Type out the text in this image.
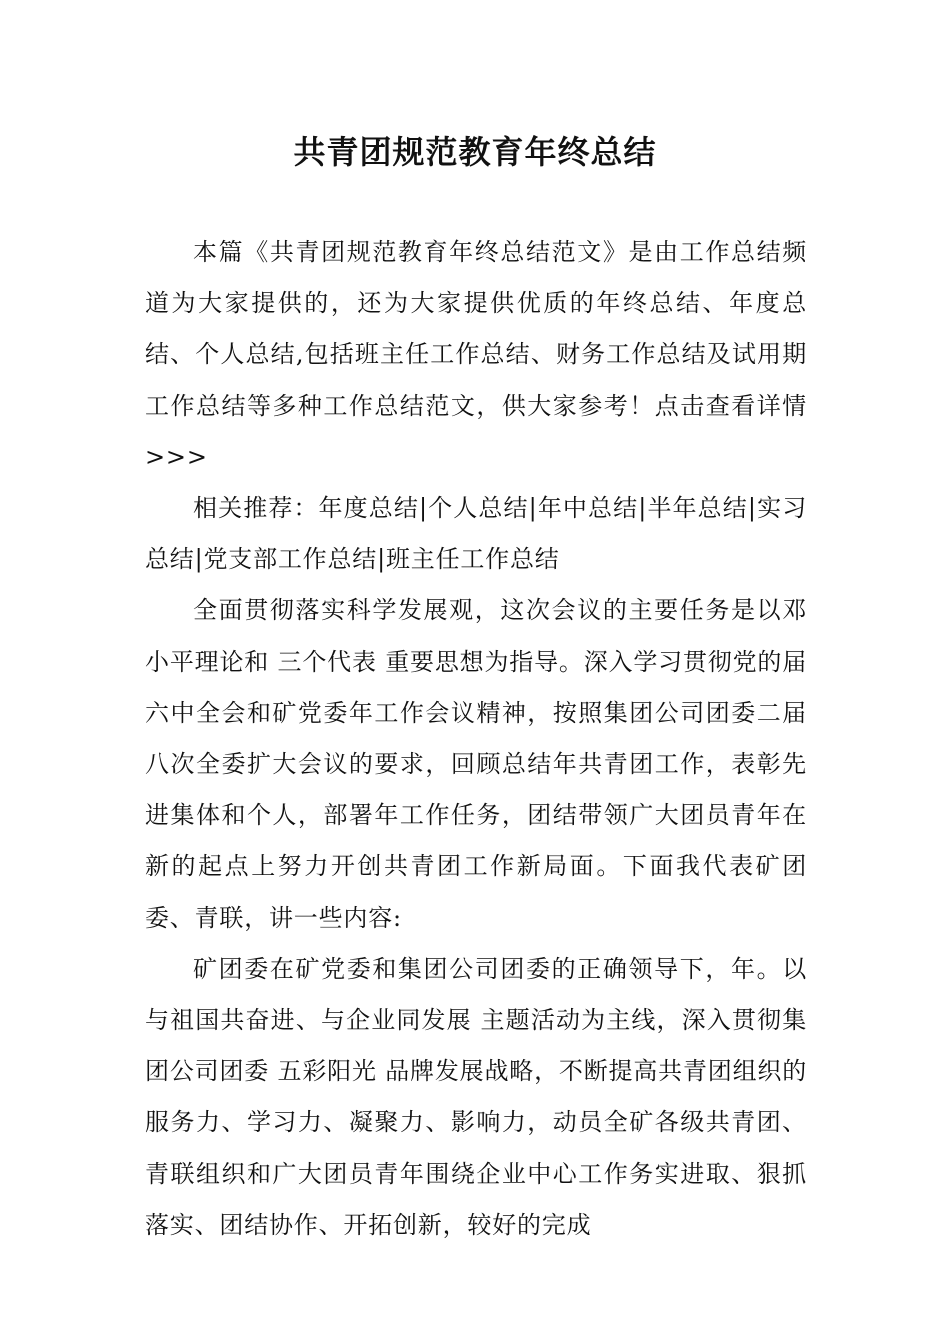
共青团规范教育年终总结

本篇《共青团规范教育年终总结范文》是由工作总结频道为大家提供的，还为大家提供优质的年终总结、年度总结、个人总结,包括班主任工作总结、财务工作总结及试用期工作总结等多种工作总结范文，供大家参考！点击查看详情>>>

相关推荐：年度总结|个人总结|年中总结|半年总结|实习总结|党支部工作总结|班主任工作总结

全面贯彻落实科学发展观，这次会议的主要任务是以邓小平理论和 三个代表 重要思想为指导。深入学习贯彻党的届六中全会和矿党委年工作会议精神，按照集团公司团委二届八次全委扩大会议的要求，回顾总结年共青团工作，表彰先进集体和个人，部署年工作任务，团结带领广大团员青年在新的起点上努力开创共青团工作新局面。下面我代表矿团委、青联，讲一些内容:

矿团委在矿党委和集团公司团委的正确领导下，年。以 与祖国共奋进、与企业同发展 主题活动为主线，深入贯彻集团公司团委 五彩阳光 品牌发展战略，不断提高共青团组织的服务力、学习力、凝聚力、影响力，动员全矿各级共青团、青联组织和广大团员青年围绕企业中心工作务实进取、狠抓落实、团结协作、开拓创新，较好的完成
